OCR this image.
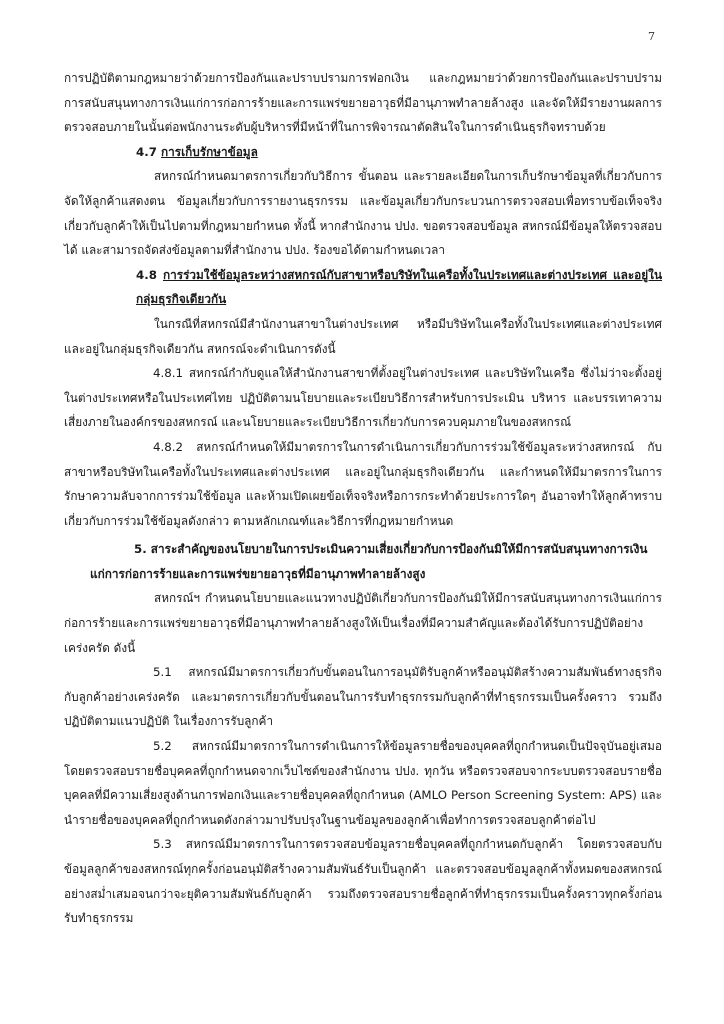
7

การปฏิบัติตามกฎหมายว่าด้วยการป้องกันและปราบปรามการฟอกเงิน และกฎหมายว่าด้วยการป้องกันและปราบปรามการสนับสนุนทางการเงินแก่การก่อการร้ายและการแพร่ขยายอาวุธที่มีอานุภาพทำลายล้างสูง และจัดให้มีรายงานผลการตรวจสอบภายในนั้นต่อพนักงานระดับผู้บริหารที่มีหน้าที่ในการพิจารณาตัดสินใจในการดำเนินธุรกิจทราบด้วย

4.7 การเก็บรักษาข้อมูล

สหกรณ์กำหนดมาตรการเกี่ยวกับวิธีการ ขั้นตอน และรายละเอียดในการเก็บรักษาข้อมูลที่เกี่ยวกับการจัดให้ลูกค้าแสดงตน ข้อมูลเกี่ยวกับการรายงานธุรกรรม และข้อมูลเกี่ยวกับกระบวนการตรวจสอบเพื่อทราบข้อเท็จจริงเกี่ยวกับลูกค้าให้เป็นไปตามที่กฎหมายกำหนด ทั้งนี้ หากสำนักงาน ปปง. ขอตรวจสอบข้อมูล สหกรณ์มีข้อมูลให้ตรวจสอบได้ และสามารถจัดส่งข้อมูลตามที่สำนักงาน ปปง. ร้องขอได้ตามกำหนดเวลา

4.8 การร่วมใช้ข้อมูลระหว่างสหกรณ์กับสาขาหรือบริษัทในเครือทั้งในประเทศและต่างประเทศ และอยู่ในกลุ่มธุรกิจเดียวกัน

ในกรณีที่สหกรณ์มีสำนักงานสาขาในต่างประเทศ หรือมีบริษัทในเครือทั้งในประเทศและต่างประเทศและอยู่ในกลุ่มธุรกิจเดียวกัน สหกรณ์จะดำเนินการดังนี้

4.8.1 สหกรณ์กำกับดูแลให้สำนักงานสาขาที่ตั้งอยู่ในต่างประเทศ และบริษัทในเครือ ซึ่งไม่ว่าจะตั้งอยู่ในต่างประเทศหรือในประเทศไทย ปฏิบัติตามนโยบายและระเบียบวิธีการสำหรับการประเมิน บริหาร และบรรเทาความเสี่ยงภายในองค์กรของสหกรณ์ และนโยบายและระเบียบวิธีการเกี่ยวกับการควบคุมภายในของสหกรณ์

4.8.2 สหกรณ์กำหนดให้มีมาตรการในการดำเนินการเกี่ยวกับการร่วมใช้ข้อมูลระหว่างสหกรณ์ กับสาขาหรือบริษัทในเครือทั้งในประเทศและต่างประเทศ และอยู่ในกลุ่มธุรกิจเดียวกัน และกำหนดให้มีมาตรการในการรักษาความลับจากการร่วมใช้ข้อมูล และห้ามเปิดเผยข้อเท็จจริงหรือการกระทำด้วยประการใดๆ อันอาจทำให้ลูกค้าทราบเกี่ยวกับการร่วมใช้ข้อมูลดังกล่าว ตามหลักเกณฑ์และวิธีการที่กฎหมายกำหนด

5. สาระสำคัญของนโยบายในการประเมินความเสี่ยงเกี่ยวกับการป้องกันมิให้มีการสนับสนุนทางการเงิน

แก่การก่อการร้ายและการแพร่ขยายอาวุธที่มีอานุภาพทำลายล้างสูง

สหกรณ์ฯ กำหนดนโยบายและแนวทางปฏิบัติเกี่ยวกับการป้องกันมิให้มีการสนับสนุนทางการเงินแก่การก่อการร้ายและการแพร่ขยายอาวุธที่มีอานุภาพทำลายล้างสูงให้เป็นเรื่องที่มีความสำคัญและต้องได้รับการปฏิบัติอย่างเคร่งครัด ดังนี้

5.1 สหกรณ์มีมาตรการเกี่ยวกับขั้นตอนในการอนุมัติรับลูกค้าหรืออนุมัติสร้างความสัมพันธ์ทางธุรกิจกับลูกค้าอย่างเคร่งครัด และมาตรการเกี่ยวกับขั้นตอนในการรับทำธุรกรรมกับลูกค้าที่ทำธุรกรรมเป็นครั้งคราว รวมถึงปฏิบัติตามแนวปฏิบัติ ในเรื่องการรับลูกค้า

5.2 สหกรณ์มีมาตรการในการดำเนินการให้ข้อมูลรายชื่อของบุคคลที่ถูกกำหนดเป็นปัจจุบันอยู่เสมอ โดยตรวจสอบรายชื่อบุคคลที่ถูกกำหนดจากเว็บไซต์ของสำนักงาน ปปง. ทุกวัน หรือตรวจสอบจากระบบตรวจสอบรายชื่อบุคคลที่มีความเสี่ยงสูงด้านการฟอกเงินและรายชื่อบุคคลที่ถูกกำหนด (AMLO Person Screening System: APS) และนำรายชื่อของบุคคลที่ถูกกำหนดดังกล่าวมาปรับปรุงในฐานข้อมูลของลูกค้าเพื่อทำการตรวจสอบลูกค้าต่อไป

5.3 สหกรณ์มีมาตรการในการตรวจสอบข้อมูลรายชื่อบุคคลที่ถูกกำหนดกับลูกค้า โดยตรวจสอบกับข้อมูลลูกค้าของสหกรณ์ทุกครั้งก่อนอนุมัติสร้างความสัมพันธ์รับเป็นลูกค้า และตรวจสอบข้อมูลลูกค้าทั้งหมดของสหกรณ์อย่างสม่ำเสมอจนกว่าจะยุติความสัมพันธ์กับลูกค้า รวมถึงตรวจสอบรายชื่อลูกค้าที่ทำธุรกรรมเป็นครั้งคราวทุกครั้งก่อนรับทำธุรกรรม
